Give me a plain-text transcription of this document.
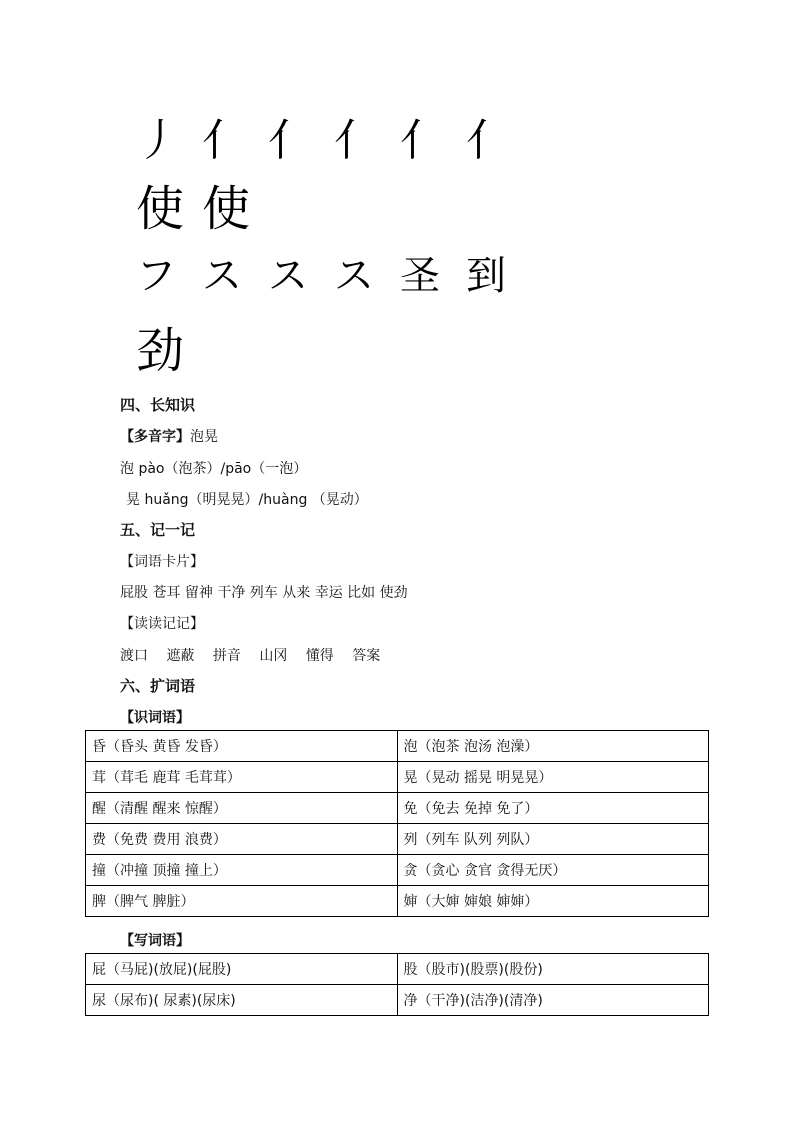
丿 亻 亻 亻 亻 亻
使 使
フ ス ス ス 圣 到
劲
四、长知识
【多音字】泡晃
泡 pào（泡茶）/pāo（一泡）
晃 huǎng（明晃晃）/huàng （晃动）
五、记一记
【词语卡片】
屁股 苍耳 留神 干净 列车 从来 幸运 比如 使劲
【读读记记】
渡口 遮蔽 拼音 山冈 懂得 答案
六、扩词语
【识词语】
昏（昏头 黄昏 发昏）	泡（泡茶 泡汤 泡澡）
茸（茸毛 鹿茸 毛茸茸）	晃（晃动 摇晃 明晃晃）
醒（清醒 醒来 惊醒）	免（免去 免掉 免了）
费（免费 费用 浪费）	列（列车 队列 列队）
撞（冲撞 顶撞 撞上）	贪（贪心 贪官 贪得无厌）
脾（脾气 脾脏）	婶（大婶 婶娘 婶婶）
【写词语】
屁（马屁)(放屁)(屁股)	股（股市)(股票)(股份)
尿（尿布)( 尿素)(尿床)	净（干净)(洁净)(清净)
